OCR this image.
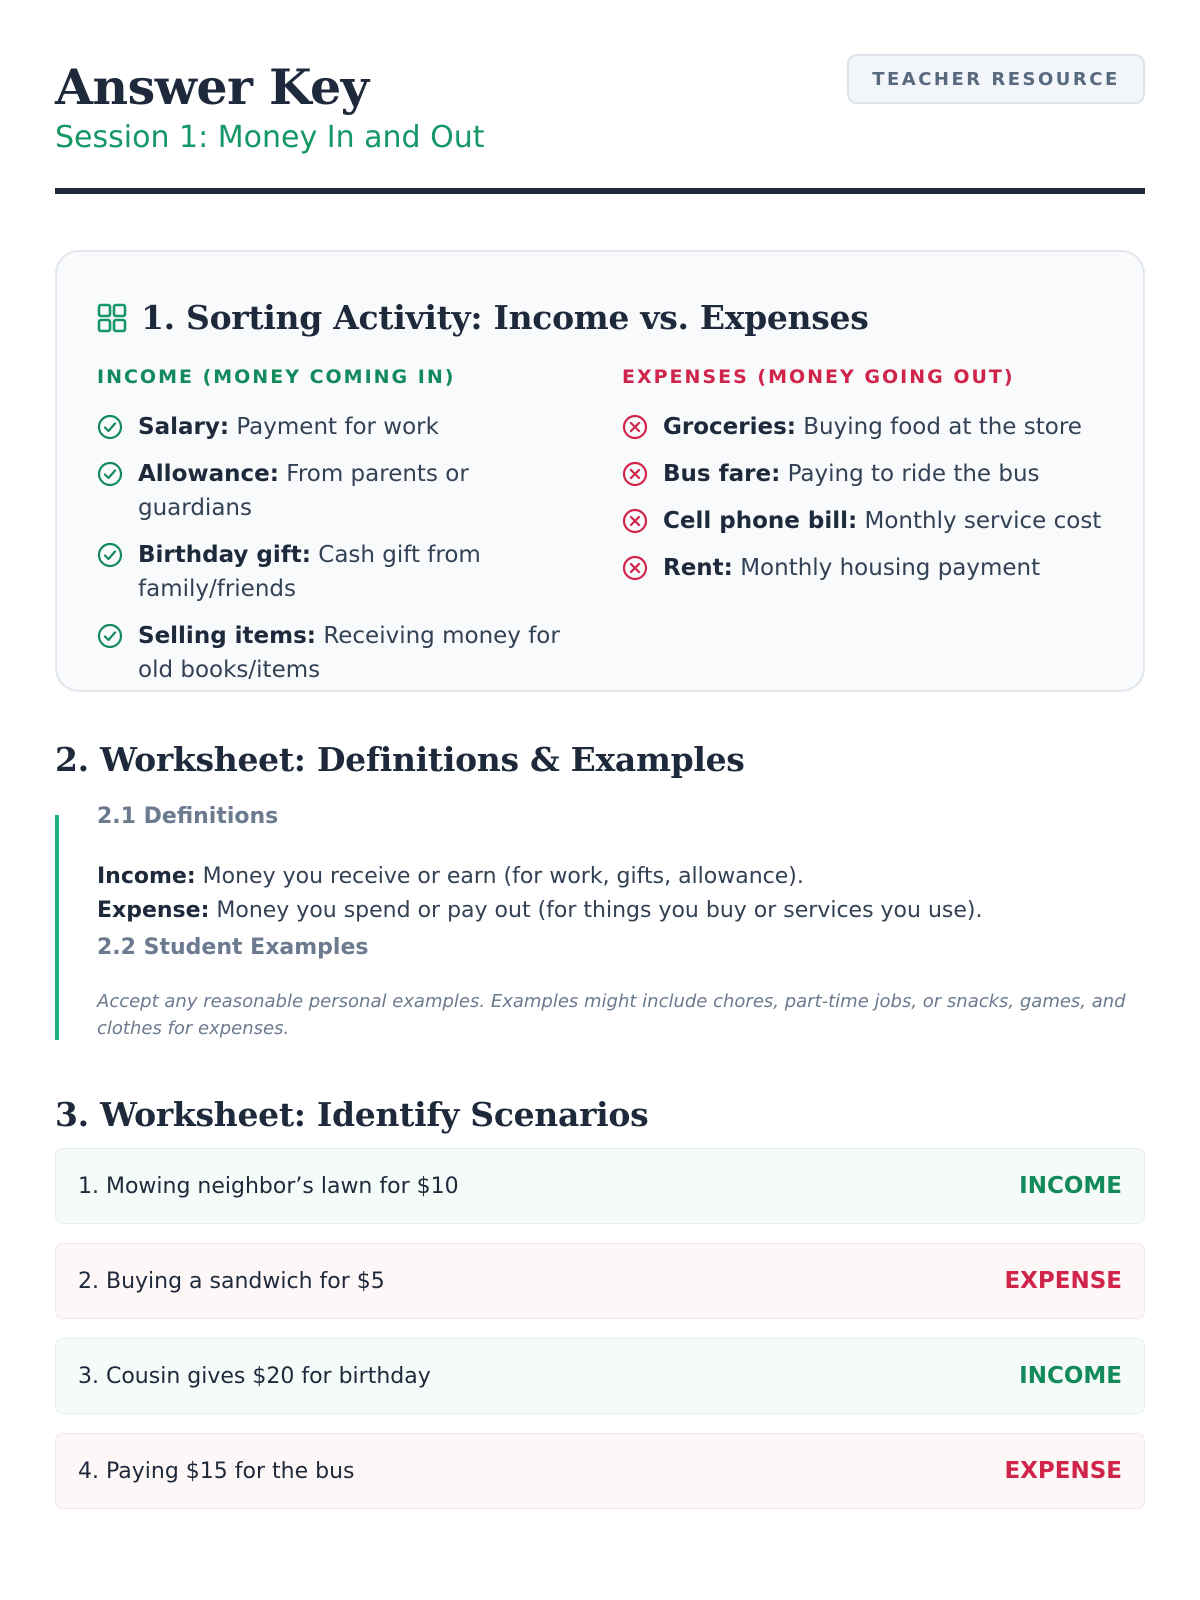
Answer Key
Session 1: Money In and Out
TEACHER RESOURCE
1. Sorting Activity: Income vs. Expenses
INCOME (MONEY COMING IN)
Salary: Payment for work
Allowance: From parents or guardians
Birthday gift: Cash gift from family/friends
Selling items: Receiving money for old books/items
EXPENSES (MONEY GOING OUT)
Groceries: Buying food at the store
Bus fare: Paying to ride the bus
Cell phone bill: Monthly service cost
Rent: Monthly housing payment
2. Worksheet: Definitions & Examples
2.1 Definitions
Income: Money you receive or earn (for work, gifts, allowance).
Expense: Money you spend or pay out (for things you buy or services you use).
2.2 Student Examples
Accept any reasonable personal examples. Examples might include chores, part-time jobs, or snacks, games, and clothes for expenses.
3. Worksheet: Identify Scenarios
1. Mowing neighbor’s lawn for $10	INCOME
2. Buying a sandwich for $5	EXPENSE
3. Cousin gives $20 for birthday	INCOME
4. Paying $15 for the bus	EXPENSE
